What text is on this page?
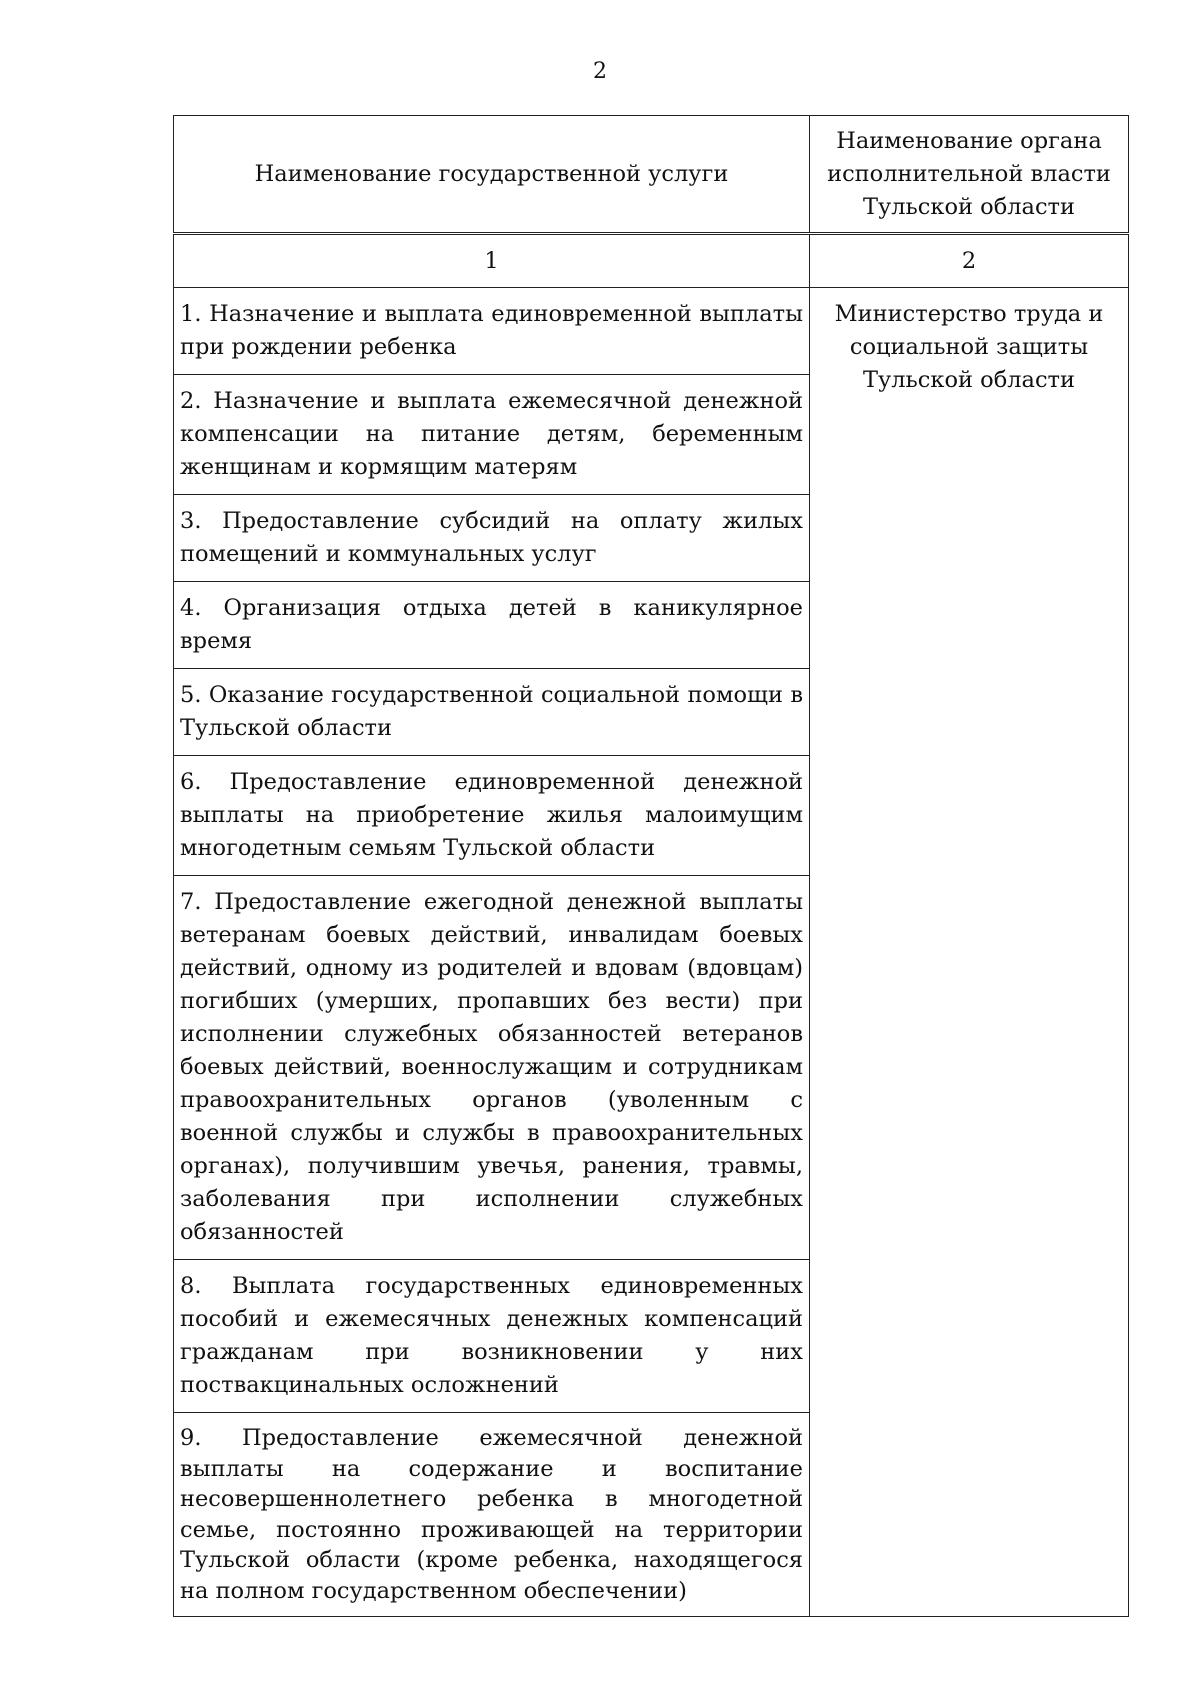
2
Наименование государственной услуги	Наименование органа исполнительной власти Тульской области
1	2
1. Назначение и выплата единовременной выплаты при рождении ребенка	Министерство труда и социальной защиты Тульской области
2. Назначение и выплата ежемесячной денежной компенсации на питание детям, беременным женщинам и кормящим матерям	
3. Предоставление субсидий на оплату жилых помещений и коммунальных услуг	
4. Организация отдыха детей в каникулярное время	
5. Оказание государственной социальной помощи в Тульской области	
6. Предоставление единовременной денежной выплаты на приобретение жилья малоимущим многодетным семьям Тульской области	
7. Предоставление ежегодной денежной выплаты ветеранам боевых действий, инвалидам боевых действий, одному из родителей и вдовам (вдовцам) погибших (умерших, пропавших без вести) при исполнении служебных обязанностей ветеранов боевых действий, военнослужащим и сотрудникам правоохранительных органов (уволенным с военной службы и службы в правоохранительных органах), получившим увечья, ранения, травмы, заболевания при исполнении служебных обязанностей	
8. Выплата государственных единовременных пособий и ежемесячных денежных компенсаций гражданам при возникновении у них поствакцинальных осложнений	
9. Предоставление ежемесячной денежной выплаты на содержание и воспитание несовершеннолетнего ребенка в многодетной семье, постоянно проживающей на территории Тульской области (кроме ребенка, находящегося на полном государственном обеспечении)	
